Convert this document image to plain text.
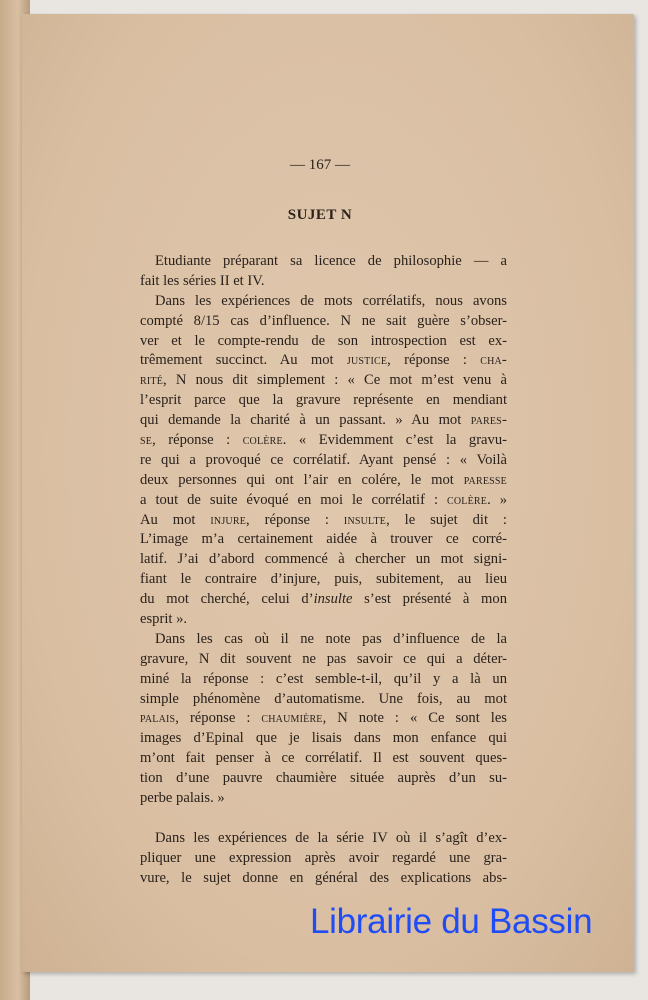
— 167 —
SUJET N
Etudiante préparant sa licence de philosophie — a
fait les séries II et IV.
Dans les expériences de mots corrélatifs, nous avons
compté 8/15 cas d’influence. N ne sait guère s’obser-
ver et le compte-rendu de son introspection est ex-
trêmement succinct. Au mot justice, réponse : cha-
rité, N nous dit simplement : « Ce mot m’est venu à
l’esprit parce que la gravure représente en mendiant
qui demande la charité à un passant. » Au mot pares-
se, réponse : colère. « Evidemment c’est la gravu-
re qui a provoqué ce corrélatif. Ayant pensé : « Voilà
deux personnes qui ont l’air en colére, le mot paresse
a tout de suite évoqué en moi le corrélatif : colère. »
Au mot injure, réponse : insulte, le sujet dit :
L’image m’a certainement aidée à trouver ce corré-
latif. J’ai d’abord commencé à chercher un mot signi-
fiant le contraire d’injure, puis, subitement, au lieu
du mot cherché, celui d’insulte s’est présenté à mon
esprit ».
Dans les cas où il ne note pas d’influence de la
gravure, N dit souvent ne pas savoir ce qui a déter-
miné la réponse : c’est semble-t-il, qu’il y a là un
simple phénomène d’automatisme. Une fois, au mot
palais, réponse : chaumière, N note : « Ce sont les
images d’Epinal que je lisais dans mon enfance qui
m’ont fait penser à ce corrélatif. Il est souvent ques-
tion d’une pauvre chaumière située auprès d’un su-
perbe palais. »
Dans les expériences de la série IV où il s’agît d’ex-
pliquer une expression après avoir regardé une gra-
vure, le sujet donne en général des explications abs-
Librairie du Bassin
